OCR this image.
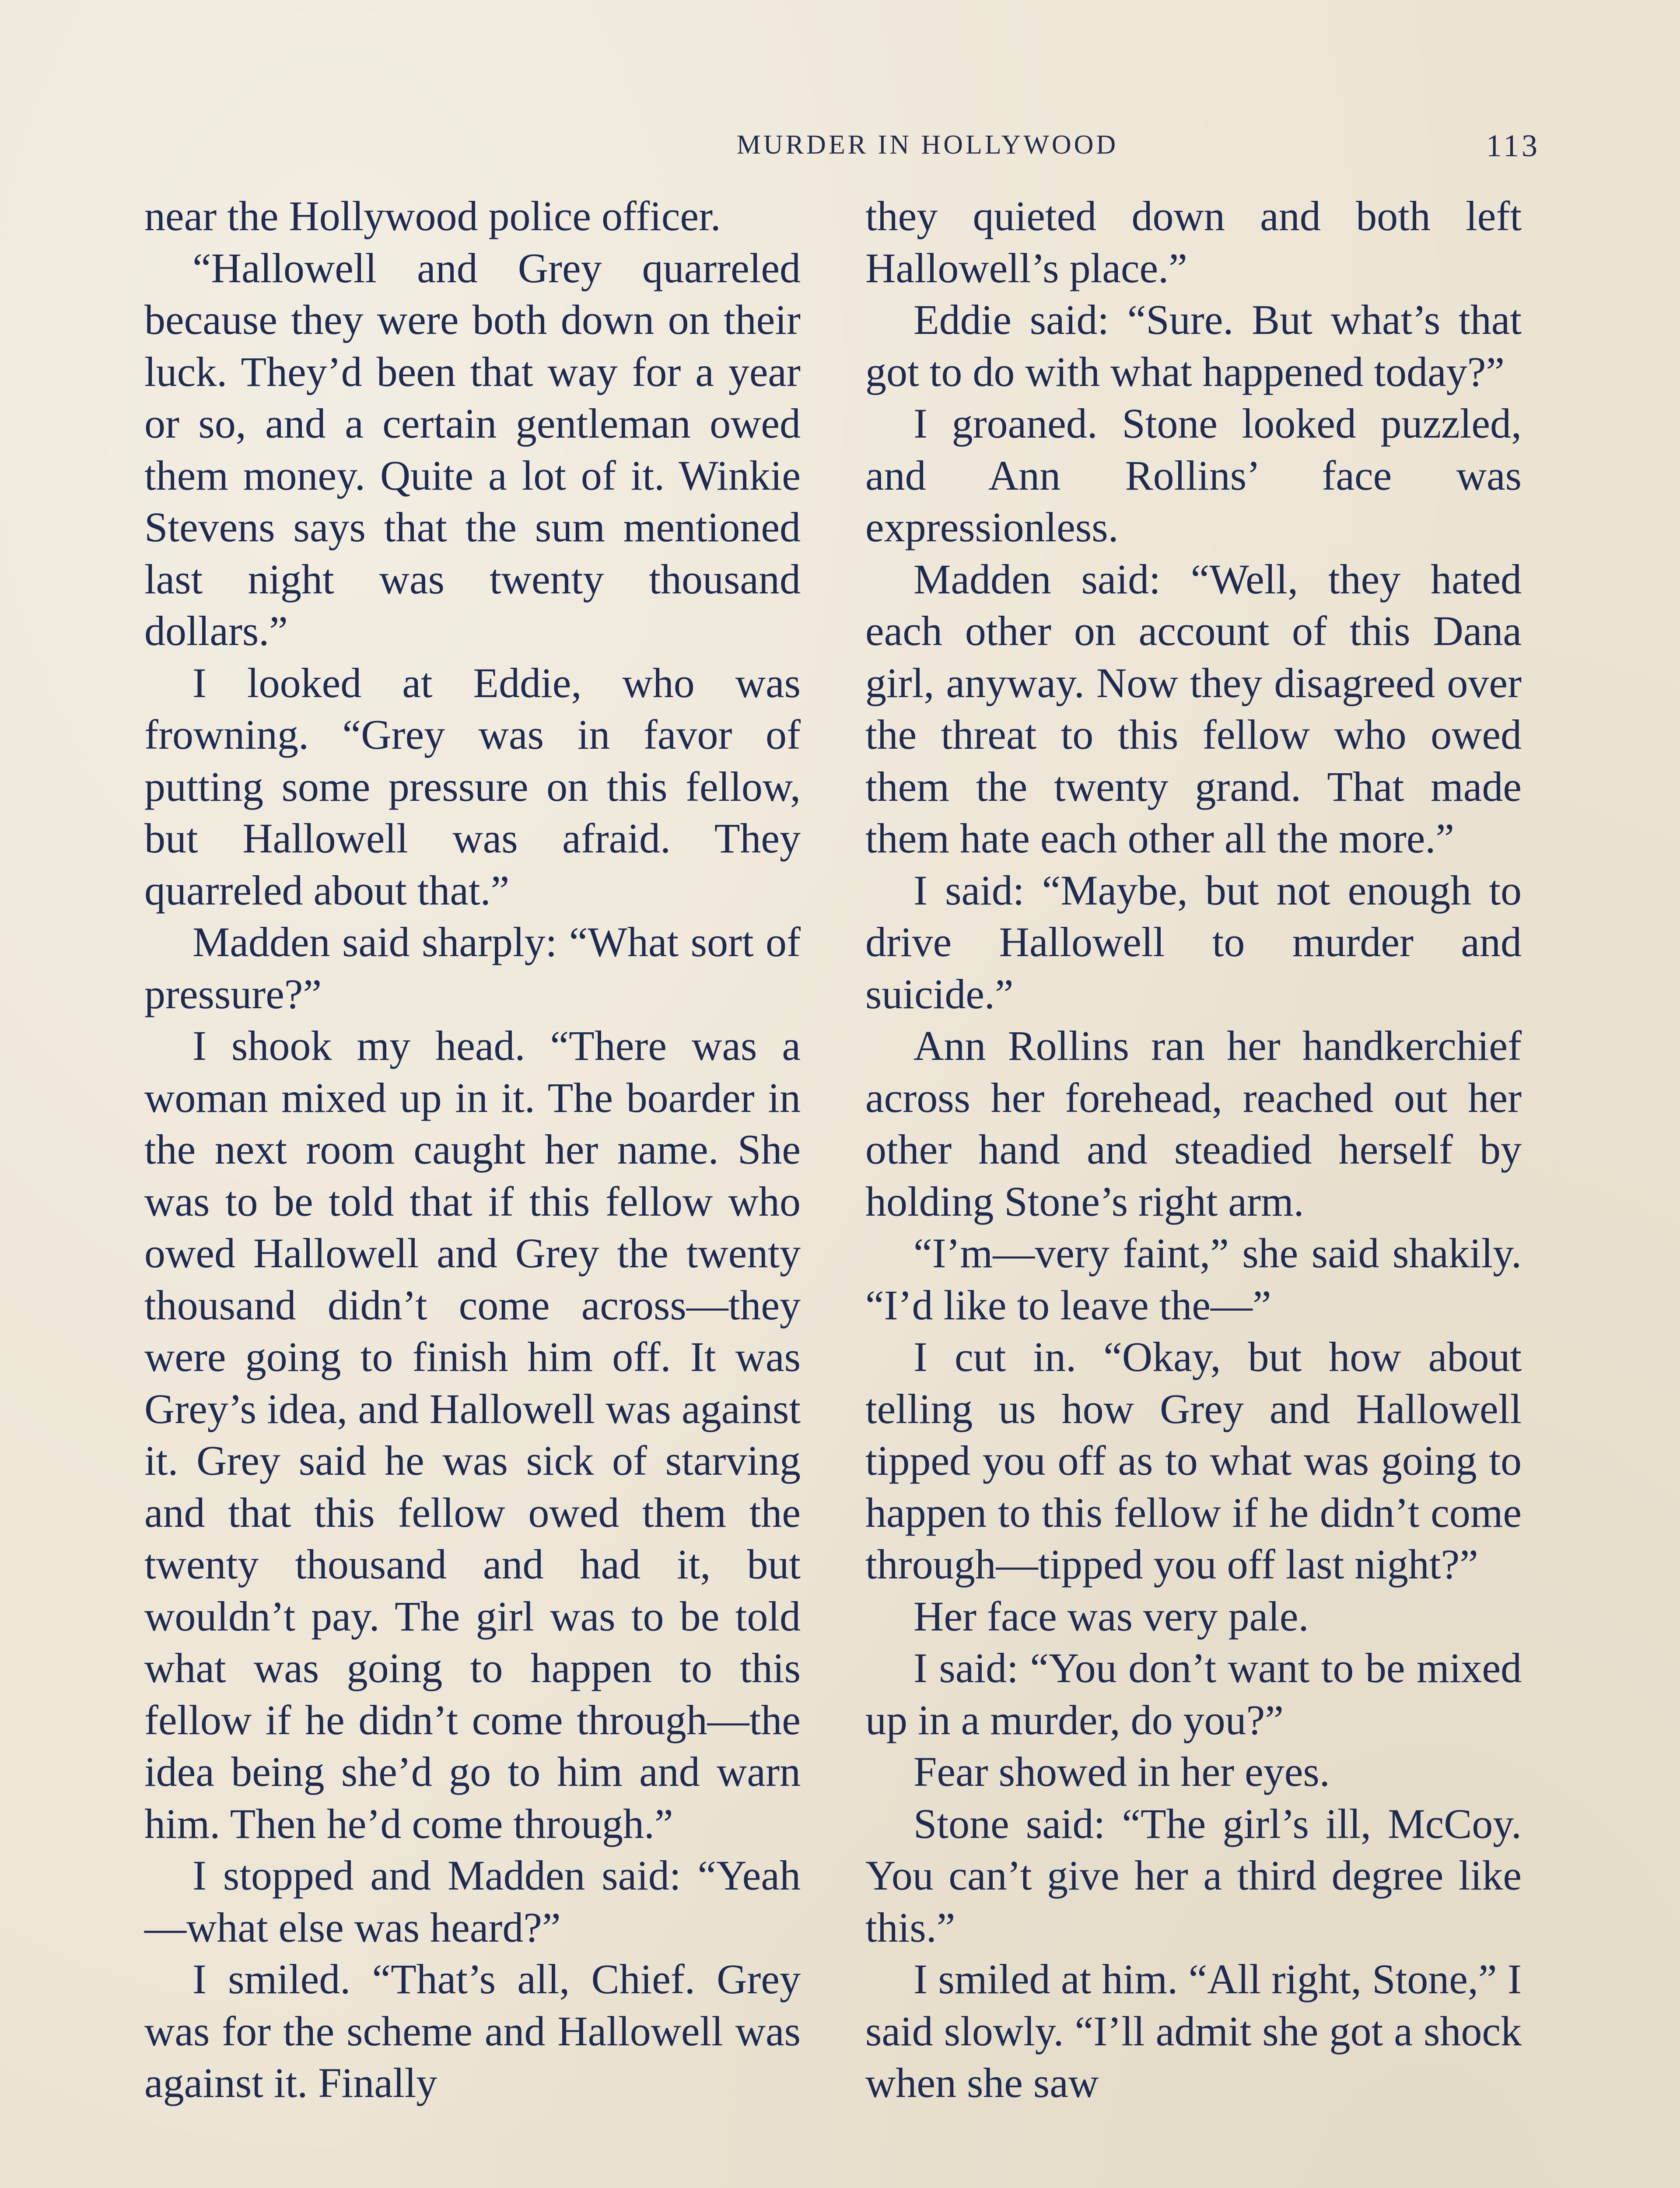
MURDER IN HOLLYWOOD	113

near the Hollywood police officer.

“Hallowell and Grey quarreled because they were both down on their luck. They’d been that way for a year or so, and a certain gentleman owed them money. Quite a lot of it. Winkie Stevens says that the sum mentioned last night was twenty thousand dollars.”

I looked at Eddie, who was frowning. “Grey was in favor of putting some pressure on this fellow, but Hallowell was afraid. They quarreled about that.”

Madden said sharply: “What sort of pressure?”

I shook my head. “There was a woman mixed up in it. The boarder in the next room caught her name. She was to be told that if this fellow who owed Hallowell and Grey the twenty thousand didn’t come across—they were going to finish him off. It was Grey’s idea, and Hallowell was against it. Grey said he was sick of starving and that this fellow owed them the twenty thousand and had it, but wouldn’t pay. The girl was to be told what was going to happen to this fellow if he didn’t come through—the idea being she’d go to him and warn him. Then he’d come through.”

I stopped and Madden said: “Yeah—what else was heard?”

I smiled. “That’s all, Chief. Grey was for the scheme and Hallowell was against it. Finally

they quieted down and both left Hallowell’s place.”

Eddie said: “Sure. But what’s that got to do with what happened today?”

I groaned. Stone looked puzzled, and Ann Rollins’ face was expressionless.

Madden said: “Well, they hated each other on account of this Dana girl, anyway. Now they disagreed over the threat to this fellow who owed them the twenty grand. That made them hate each other all the more.”

I said: “Maybe, but not enough to drive Hallowell to murder and suicide.”

Ann Rollins ran her handkerchief across her forehead, reached out her other hand and steadied herself by holding Stone’s right arm.

“I’m—very faint,” she said shakily. “I’d like to leave the—”

I cut in. “Okay, but how about telling us how Grey and Hallowell tipped you off as to what was going to happen to this fellow if he didn’t come through—tipped you off last night?”

Her face was very pale.

I said: “You don’t want to be mixed up in a murder, do you?”

Fear showed in her eyes.

Stone said: “The girl’s ill, McCoy. You can’t give her a third degree like this.”

I smiled at him. “All right, Stone,” I said slowly. “I’ll admit she got a shock when she saw
